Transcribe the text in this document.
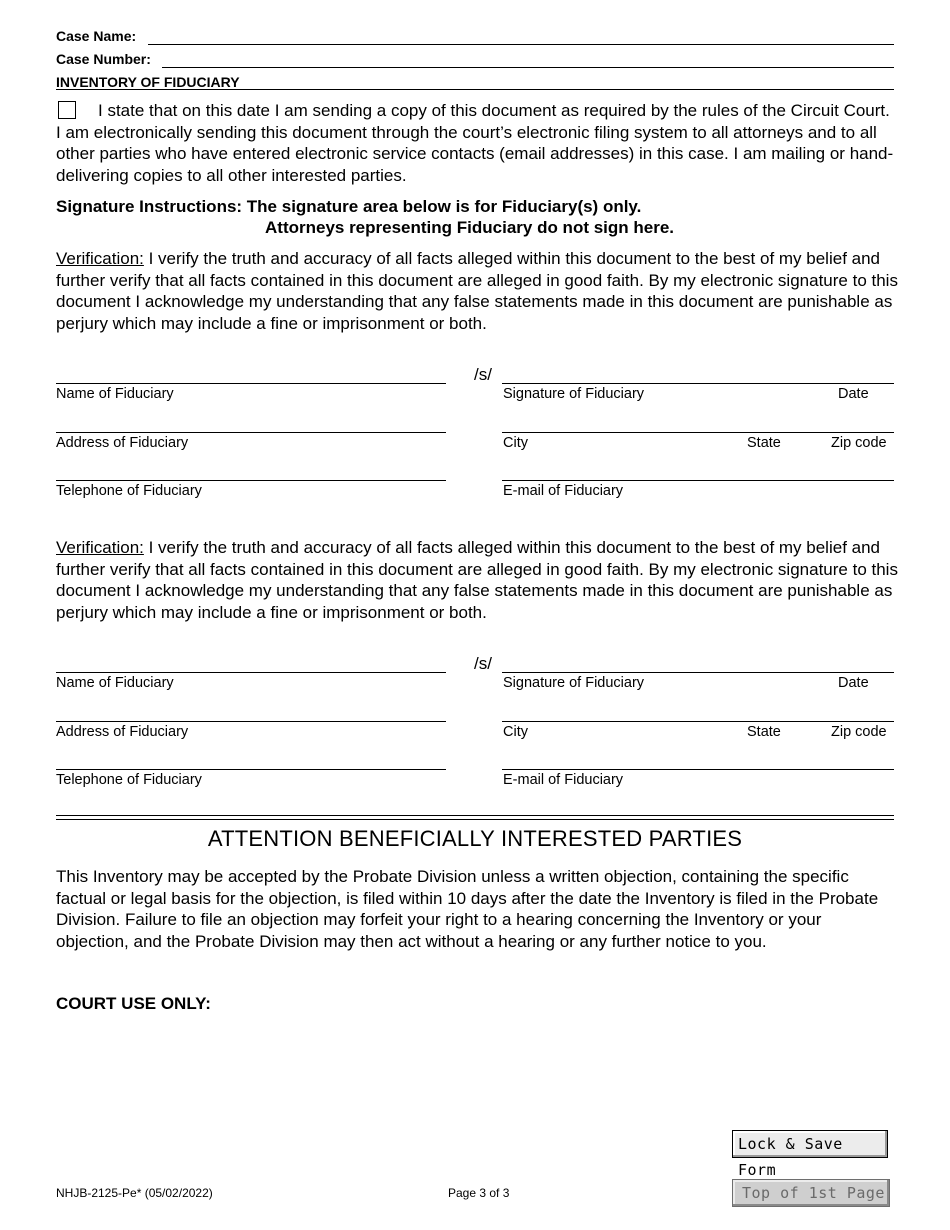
Case Name:
Case Number:
INVENTORY OF FIDUCIARY
I state that on this date I am sending a copy of this document as required by the rules of the Circuit Court. I am electronically sending this document through the court’s electronic filing system to all attorneys and to all other parties who have entered electronic service contacts (email addresses) in this case. I am mailing or hand-delivering copies to all other interested parties.
Signature Instructions: The signature area below is for Fiduciary(s) only.
Attorneys representing Fiduciary do not sign here.
Verification: I verify the truth and accuracy of all facts alleged within this document to the best of my belief and further verify that all facts contained in this document are alleged in good faith. By my electronic signature to this document I acknowledge my understanding that any false statements made in this document are punishable as perjury which may include a fine or imprisonment or both.
/s/
Name of Fiduciary	Signature of Fiduciary	Date
Address of Fiduciary	City	State	Zip code
Telephone of Fiduciary	E-mail of Fiduciary
Verification: I verify the truth and accuracy of all facts alleged within this document to the best of my belief and further verify that all facts contained in this document are alleged in good faith. By my electronic signature to this document I acknowledge my understanding that any false statements made in this document are punishable as perjury which may include a fine or imprisonment or both.
/s/
Name of Fiduciary	Signature of Fiduciary	Date
Address of Fiduciary	City	State	Zip code
Telephone of Fiduciary	E-mail of Fiduciary
ATTENTION BENEFICIALLY INTERESTED PARTIES
This Inventory may be accepted by the Probate Division unless a written objection, containing the specific factual or legal basis for the objection, is filed within 10 days after the date the Inventory is filed in the Probate Division. Failure to file an objection may forfeit your right to a hearing concerning the Inventory or your objection, and the Probate Division may then act without a hearing or any further notice to you.
COURT USE ONLY:
Lock & Save Form
Top of 1st Page
NHJB-2125-Pe* (05/02/2022)	Page 3 of 3
